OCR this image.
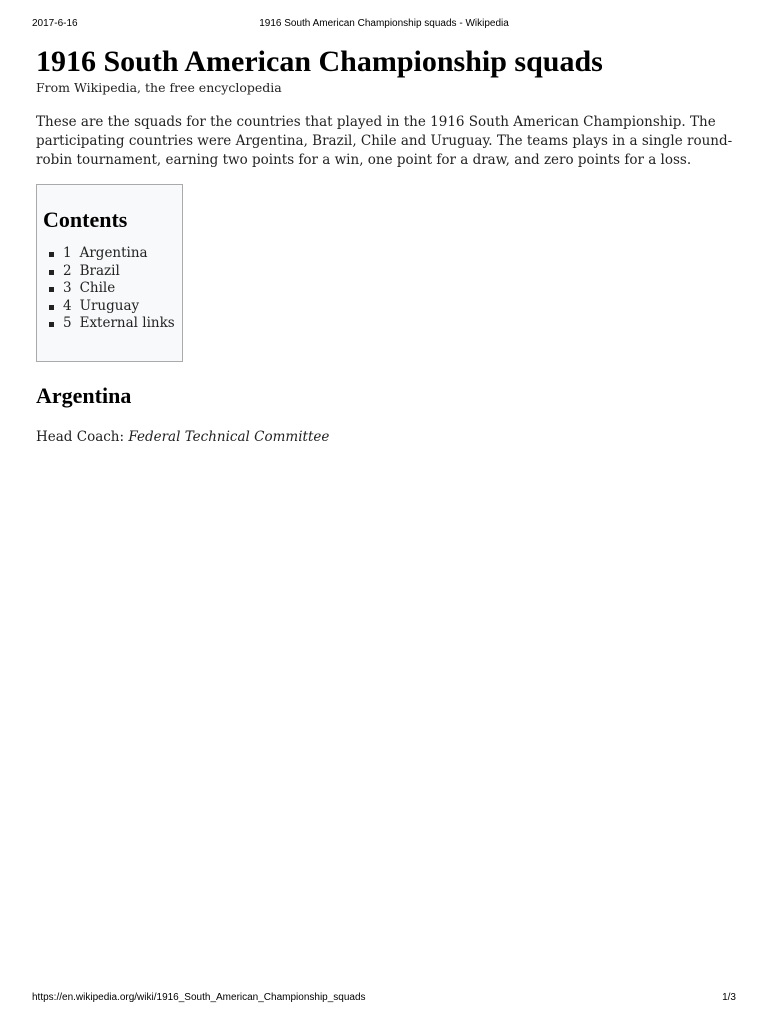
2017-6-16	1916 South American Championship squads - Wikipedia
1916 South American Championship squads
From Wikipedia, the free encyclopedia

These are the squads for the countries that played in the 1916 South American Championship. The participating countries were Argentina, Brazil, Chile and Uruguay. The teams plays in a single round-robin tournament, earning two points for a win, one point for a draw, and zero points for a loss.

Contents
1 Argentina
2 Brazil
3 Chile
4 Uruguay
5 External links
Argentina

Head Coach: Federal Technical Committee

https://en.wikipedia.org/wiki/1916_South_American_Championship_squads	1/3
